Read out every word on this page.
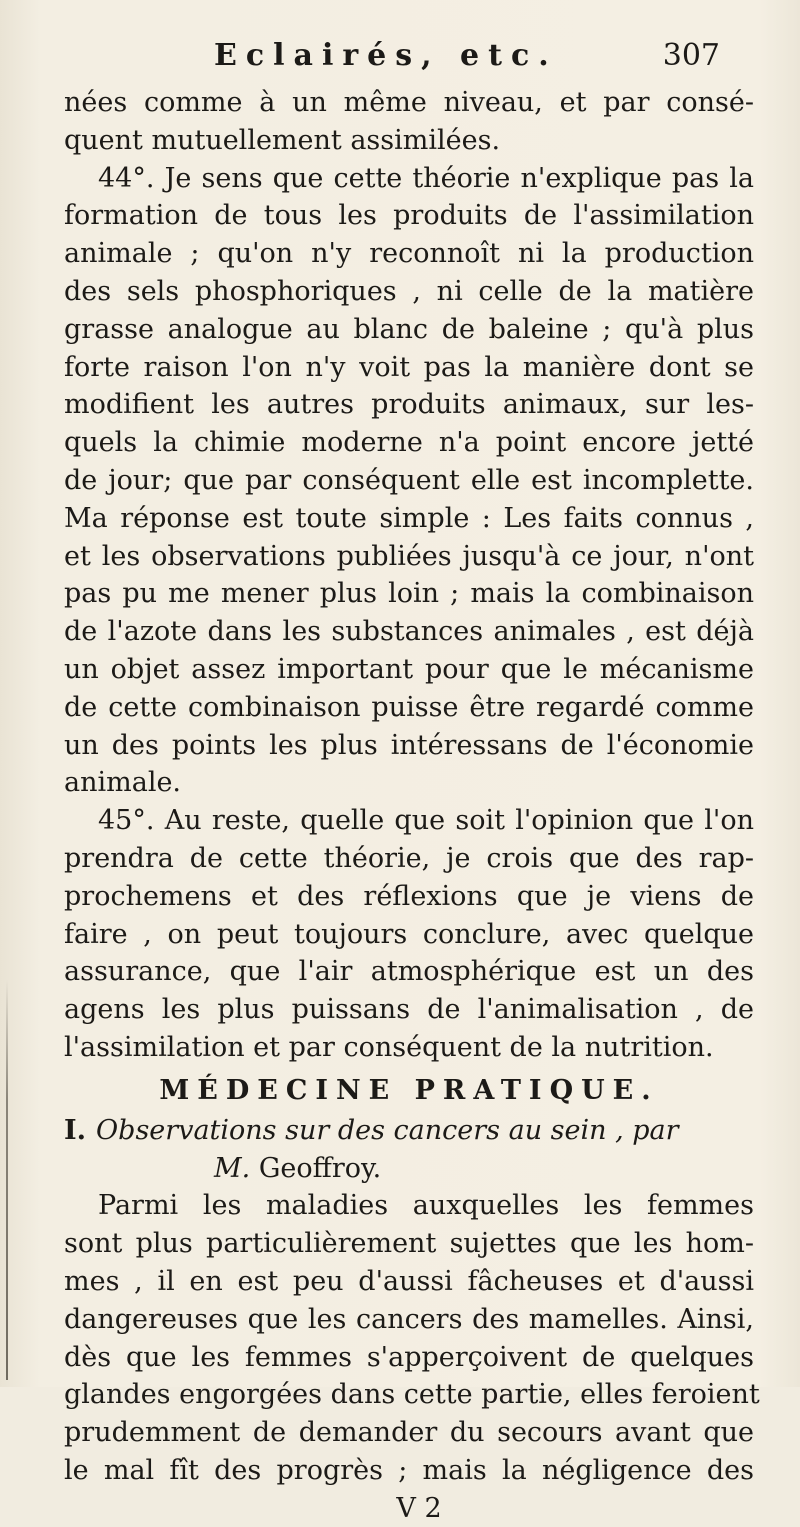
Eclairés, etc.	307
nées comme à un même niveau, et par consé-
quent mutuellement assimilées.
44°. Je sens que cette théorie n'explique pas la
formation de tous les produits de l'assimilation
animale ; qu'on n'y reconnoît ni la production
des sels phosphoriques , ni celle de la matière
grasse analogue au blanc de baleine ; qu'à plus
forte raison l'on n'y voit pas la manière dont se
modifient les autres produits animaux, sur les-
quels la chimie moderne n'a point encore jetté
de jour; que par conséquent elle est incomplette.
Ma réponse est toute simple : Les faits connus ,
et les observations publiées jusqu'à ce jour, n'ont
pas pu me mener plus loin ; mais la combinaison
de l'azote dans les substances animales , est déjà
un objet assez important pour que le mécanisme
de cette combinaison puisse être regardé comme
un des points les plus intéressans de l'économie
animale.
45°. Au reste, quelle que soit l'opinion que l'on
prendra de cette théorie, je crois que des rap-
prochemens et des réflexions que je viens de
faire , on peut toujours conclure, avec quelque
assurance, que l'air atmosphérique est un des
agens les plus puissans de l'animalisation , de
l'assimilation et par conséquent de la nutrition.
MÉDECINE PRATIQUE.
I. Observations sur des cancers au sein , par
M. Geoffroy.
Parmi les maladies auxquelles les femmes
sont plus particulièrement sujettes que les hom-
mes , il en est peu d'aussi fâcheuses et d'aussi
dangereuses que les cancers des mamelles. Ainsi,
dès que les femmes s'apperçoivent de quelques
glandes engorgées dans cette partie, elles feroient
prudemment de demander du secours avant que
le mal fît des progrès ; mais la négligence des
V 2
